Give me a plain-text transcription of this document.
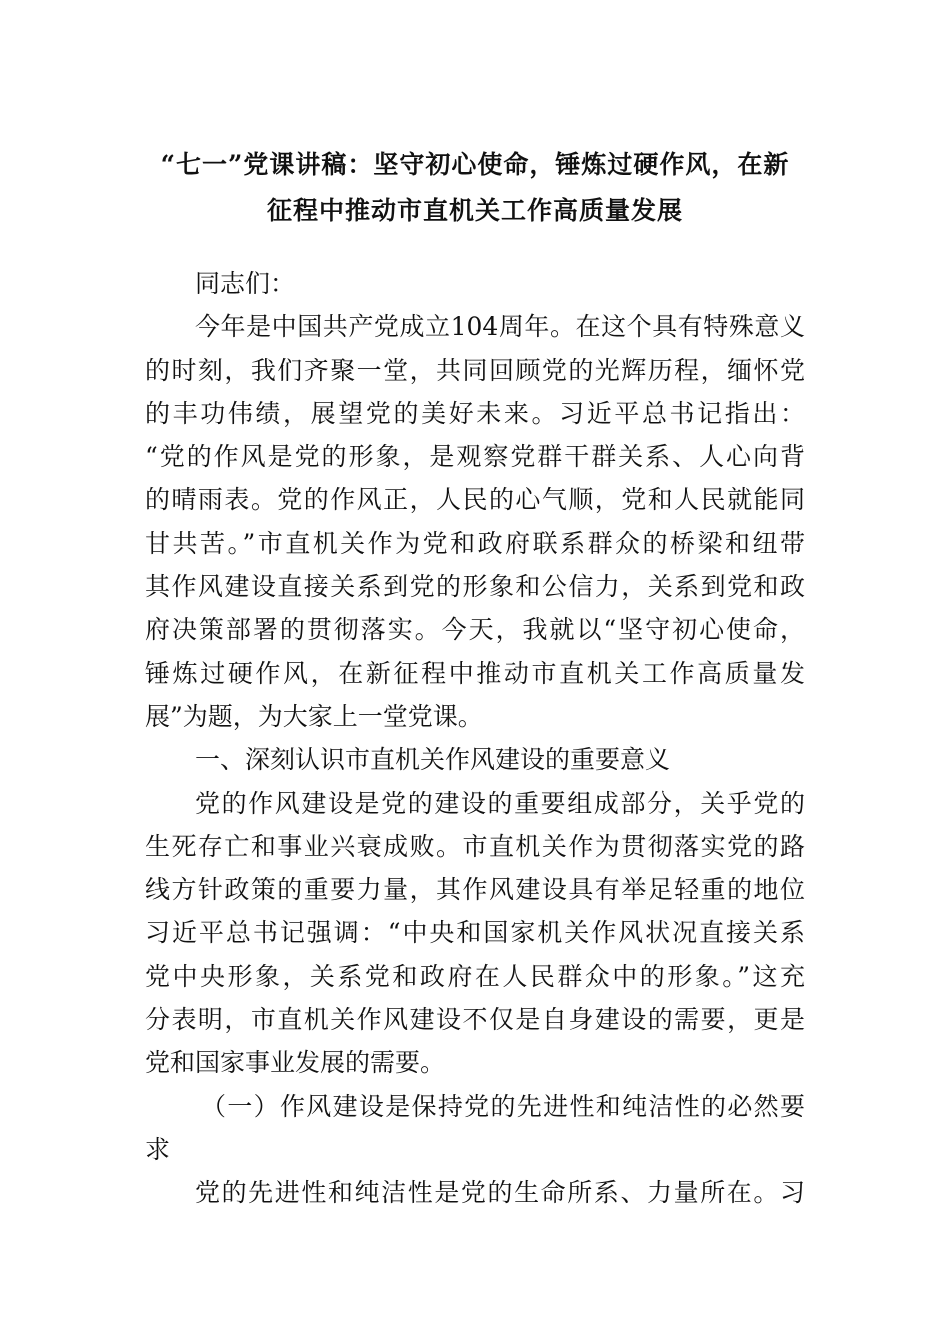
“七一”党课讲稿：坚守初心使命，锤炼过硬作风，在新
征程中推动市直机关工作高质量发展
同志们：
今年是中国共产党成立104周年。在这个具有特殊意义
的时刻，我们齐聚一堂，共同回顾党的光辉历程，缅怀党
的丰功伟绩，展望党的美好未来。习近平总书记指出：
“党的作风是党的形象，是观察党群干群关系、人心向背
的晴雨表。党的作风正，人民的心气顺，党和人民就能同
甘共苦。”市直机关作为党和政府联系群众的桥梁和纽带
其作风建设直接关系到党的形象和公信力，关系到党和政
府决策部署的贯彻落实。今天，我就以“坚守初心使命，
锤炼过硬作风，在新征程中推动市直机关工作高质量发
展”为题，为大家上一堂党课。
一、深刻认识市直机关作风建设的重要意义
党的作风建设是党的建设的重要组成部分，关乎党的
生死存亡和事业兴衰成败。市直机关作为贯彻落实党的路
线方针政策的重要力量，其作风建设具有举足轻重的地位
习近平总书记强调：“中央和国家机关作风状况直接关系
党中央形象，关系党和政府在人民群众中的形象。”这充
分表明，市直机关作风建设不仅是自身建设的需要，更是
党和国家事业发展的需要。
（一）作风建设是保持党的先进性和纯洁性的必然要
求
党的先进性和纯洁性是党的生命所系、力量所在。习
